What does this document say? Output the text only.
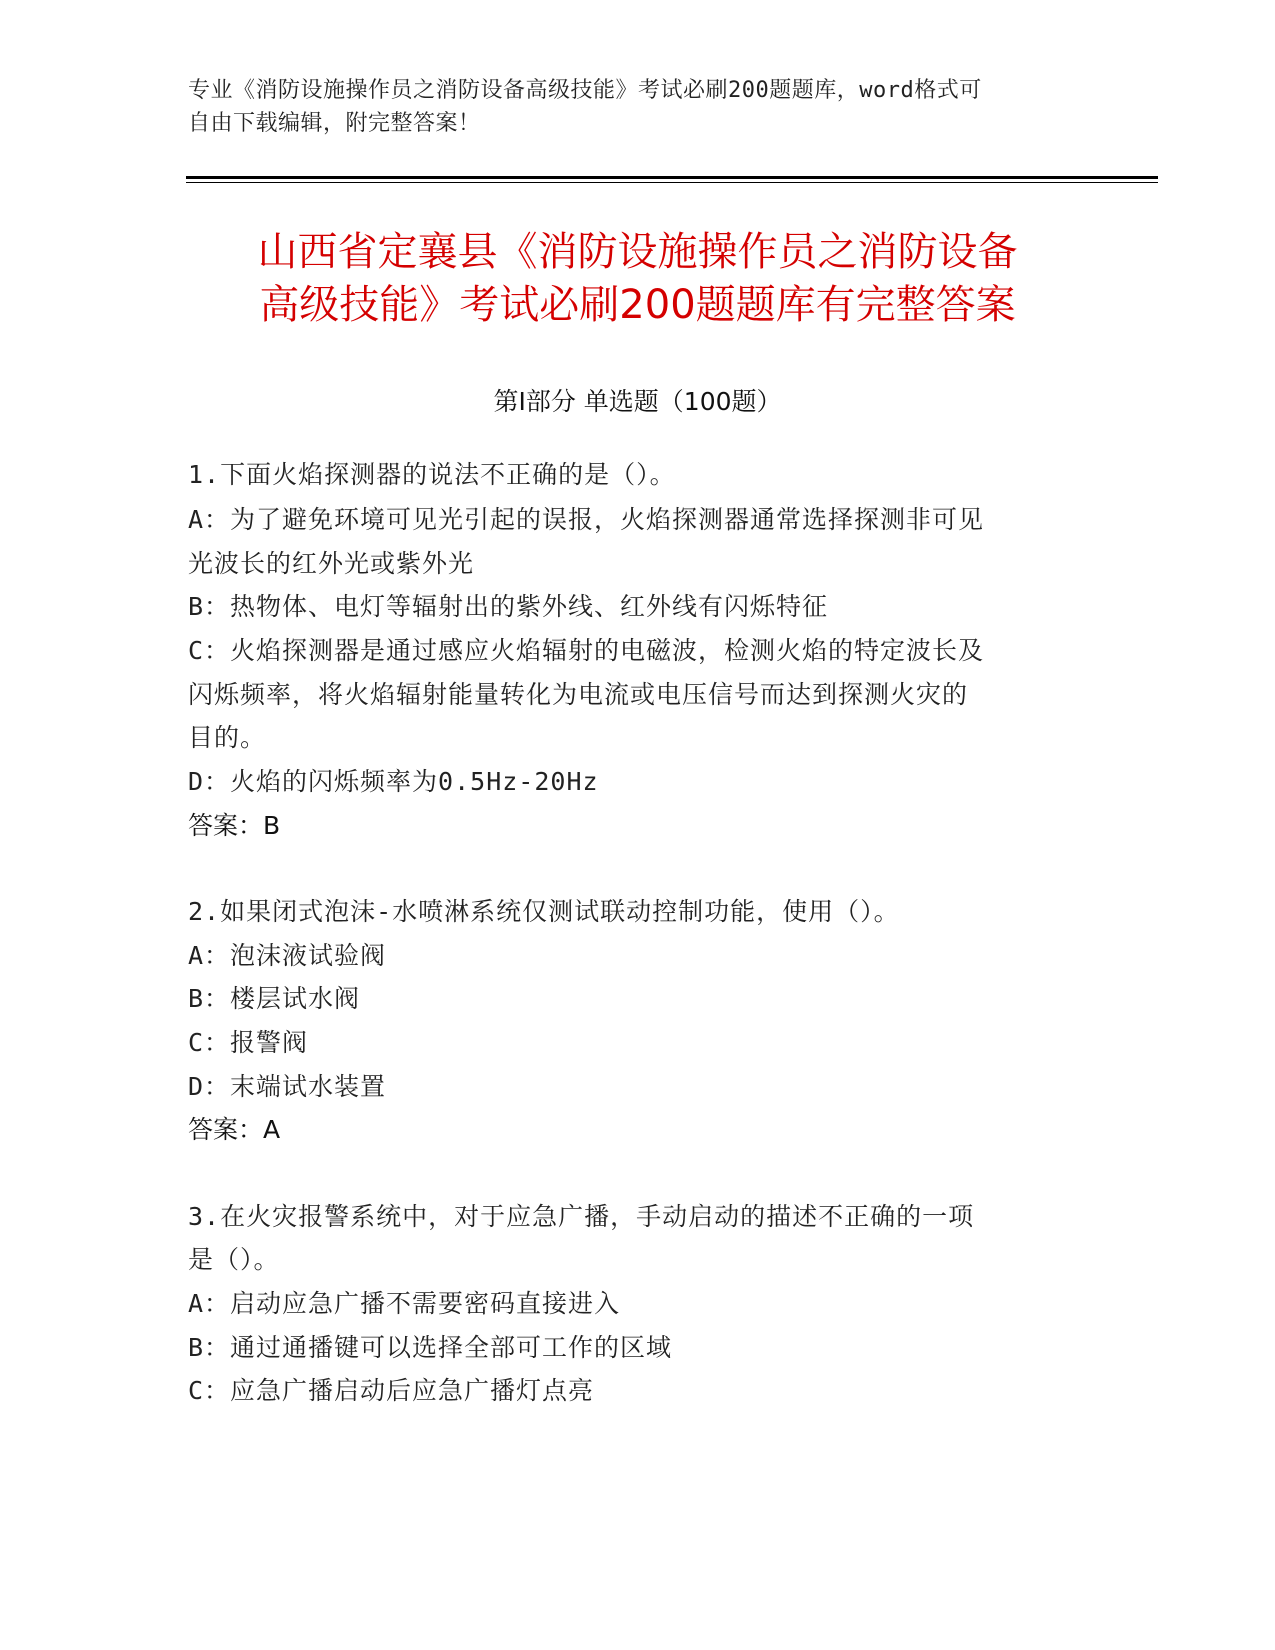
专业《消防设施操作员之消防设备高级技能》考试必刷200题题库，word格式可
自由下载编辑，附完整答案！
山西省定襄县《消防设施操作员之消防设备
高级技能》考试必刷200题题库有完整答案
第Ⅰ部分 单选题（100题）
1.下面火焰探测器的说法不正确的是（）。
A：为了避免环境可见光引起的误报，火焰探测器通常选择探测非可见
光波长的红外光或紫外光
B：热物体、电灯等辐射出的紫外线、红外线有闪烁特征
C：火焰探测器是通过感应火焰辐射的电磁波，检测火焰的特定波长及
闪烁频率，将火焰辐射能量转化为电流或电压信号而达到探测火灾的
目的。
D：火焰的闪烁频率为0.5Hz-20Hz
答案：B
2.如果闭式泡沫-水喷淋系统仅测试联动控制功能，使用（）。
A：泡沫液试验阀
B：楼层试水阀
C：报警阀
D：末端试水装置
答案：A
3.在火灾报警系统中，对于应急广播，手动启动的描述不正确的一项
是（）。
A：启动应急广播不需要密码直接进入
B：通过通播键可以选择全部可工作的区域
C：应急广播启动后应急广播灯点亮
